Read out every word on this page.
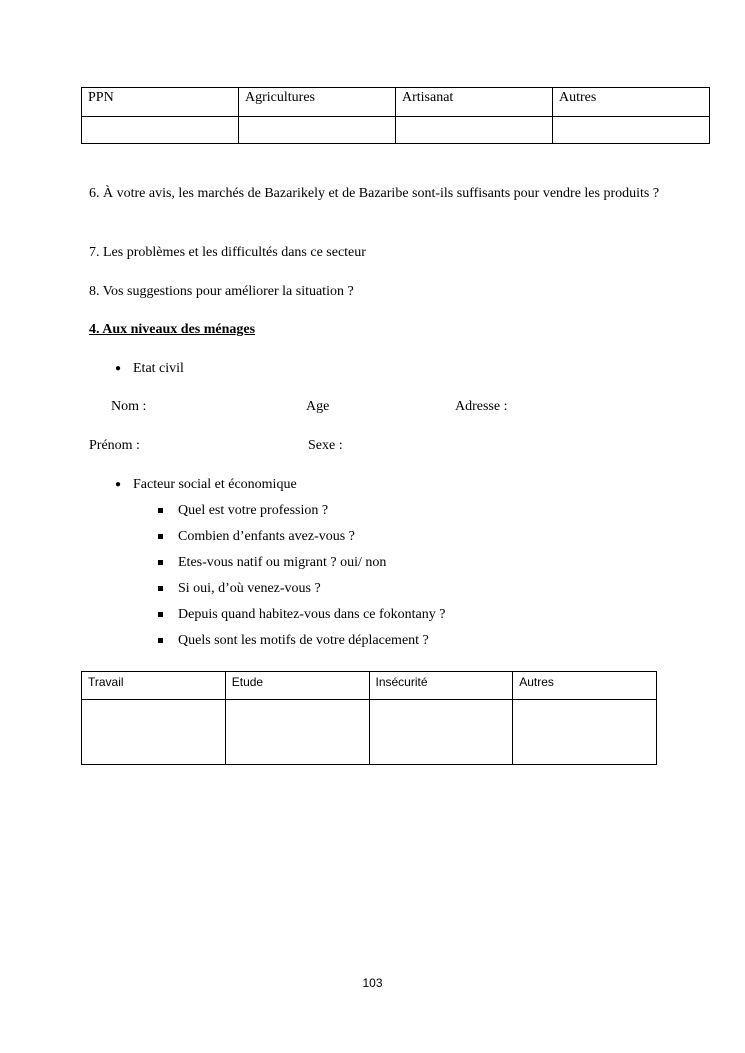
PPN	Agricultures	Artisanat	Autres

6. À votre avis, les marchés de Bazarikely et de Bazaribe sont-ils suffisants pour vendre les produits ?
7. Les problèmes et les difficultés dans ce secteur
8. Vos suggestions pour améliorer la situation ?
4. Aux niveaux des ménages
● Etat civil
Nom :	Age	Adresse :
Prénom :	Sexe :
● Facteur social et économique
Quel est votre profession ?
Combien d’enfants avez-vous ?
Etes-vous natif ou migrant ? oui/ non
Si oui, d’où venez-vous ?
Depuis quand habitez-vous dans ce fokontany ?
Quels sont les motifs de votre déplacement ?
Travail	Etude	Insécurité	Autres

103
